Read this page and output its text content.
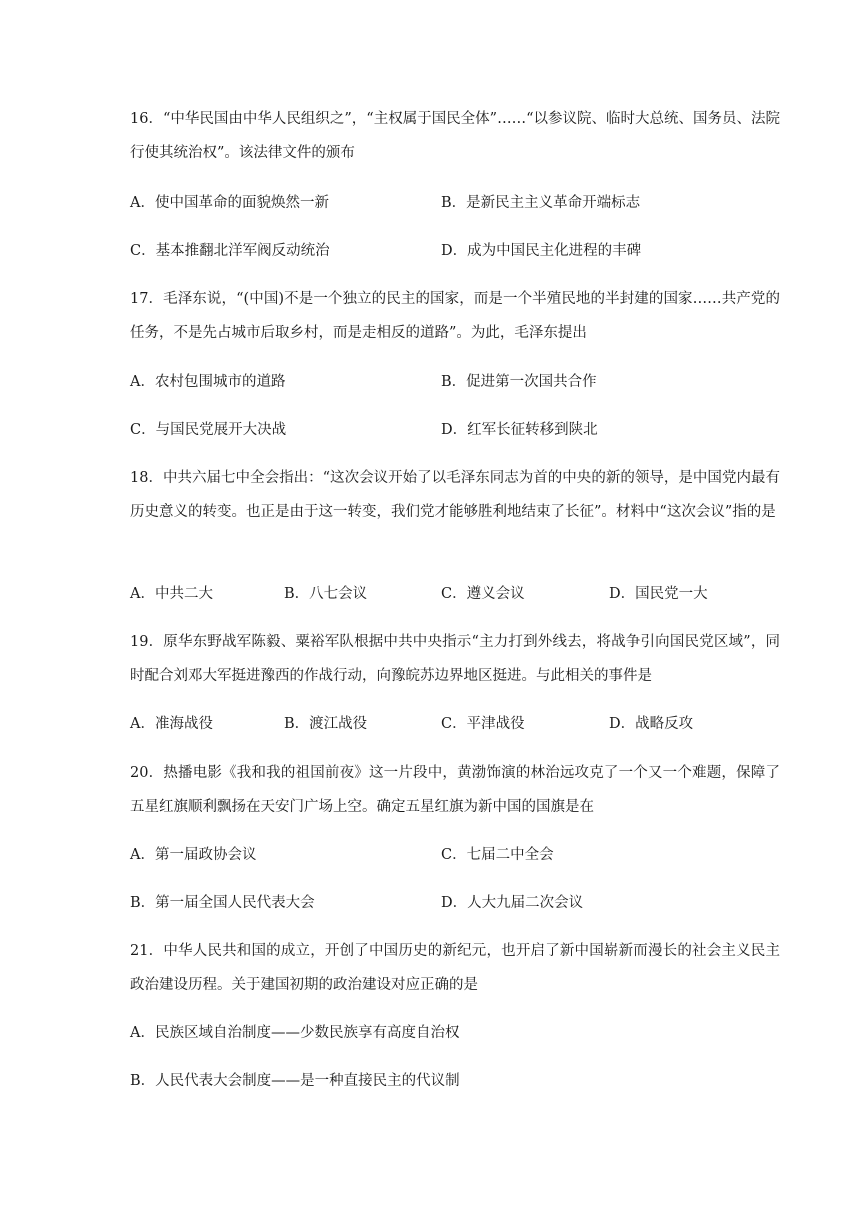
16．“中华民国由中华人民组织之”，“主权属于国民全体”……“以参议院、临时大总统、国务员、法院行使其统治权”。该法律文件的颁布

A．使中国革命的面貌焕然一新	B．是新民主主义革命开端标志
C．基本推翻北洋军阀反动统治	D．成为中国民主化进程的丰碑

17．毛泽东说，“(中国)不是一个独立的民主的国家，而是一个半殖民地的半封建的国家……共产党的任务，不是先占城市后取乡村，而是走相反的道路”。为此，毛泽东提出

A．农村包围城市的道路	B．促进第一次国共合作
C．与国民党展开大决战	D．红军长征转移到陕北

18．中共六届七中全会指出：“这次会议开始了以毛泽东同志为首的中央的新的领导，是中国党内最有历史意义的转变。也正是由于这一转变，我们党才能够胜利地结束了长征”。材料中“这次会议”指的是

A．中共二大	B．八七会议	C．遵义会议	D．国民党一大

19．原华东野战军陈毅、粟裕军队根据中共中央指示“主力打到外线去，将战争引向国民党区域”，同时配合刘邓大军挺进豫西的作战行动，向豫皖苏边界地区挺进。与此相关的事件是

A．准海战役	B．渡江战役	C．平津战役	D．战略反攻

20．热播电影《我和我的祖国前夜》这一片段中，黄渤饰演的林治远攻克了一个又一个难题，保障了五星红旗顺利飘扬在天安门广场上空。确定五星红旗为新中国的国旗是在

A．第一届政协会议	C．七届二中全会
B．第一届全国人民代表大会	D．人大九届二次会议

21．中华人民共和国的成立，开创了中国历史的新纪元，也开启了新中国崭新而漫长的社会主义民主政治建设历程。关于建国初期的政治建设对应正确的是

A．民族区域自治制度——少数民族享有高度自治权
B．人民代表大会制度——是一种直接民主的代议制
